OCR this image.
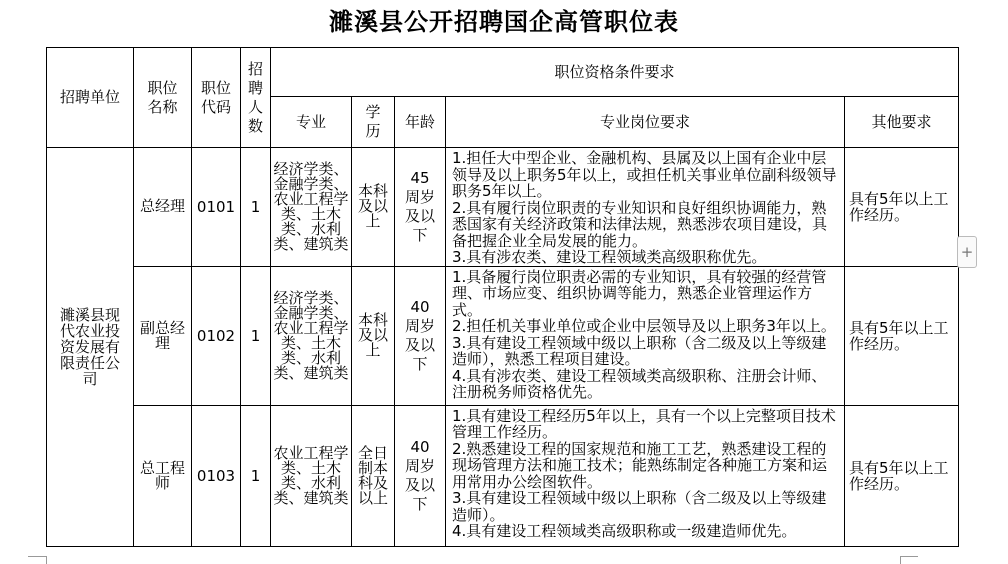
濉溪县公开招聘国企高管职位表
招聘单位	职位名称	职位代码	招聘人数	职位资格条件要求				
				专业	学历	年龄	专业岗位要求	其他要求
濉溪县现代农业投资发展有限责任公司	总经理	0101	1	经济学类、金融学类、农业工程学类、土木类、水利类、建筑类	本科及以上	45周岁及以下	1.担任大中型企业、金融机构、县属及以上国有企业中层领导及以上职务5年以上，或担任机关事业单位副科级领导职务5年以上。

2.具有履行岗位职责的专业知识和良好组织协调能力，熟悉国家有关经济政策和法律法规，熟悉涉农项目建设，具备把握企业全局发展的能力。

3.具有涉农类、建设工程领域类高级职称优先。	具有5年以上工作经历。
	副总经理	0102	1	经济学类、金融学类、农业工程学类、土木类、水利类、建筑类	本科及以上	40周岁及以下	1.具备履行岗位职责必需的专业知识，具有较强的经营管理、市场应变、组织协调等能力，熟悉企业管理运作方式。

2.担任机关事业单位或企业中层领导及以上职务3年以上。

3.具有建设工程领域中级以上职称（含二级及以上等级建造师），熟悉工程项目建设。

4.具有涉农类、建设工程领域类高级职称、注册会计师、注册税务师资格优先。	具有5年以上工作经历。
	总工程师	0103	1	农业工程学类、土木类、水利类、建筑类	全日制本科及以上	40周岁及以下	1.具有建设工程经历5年以上，具有一个以上完整项目技术管理工作经历。

2.熟悉建设工程的国家规范和施工工艺，熟悉建设工程的现场管理方法和施工技术；能熟练制定各种施工方案和运用常用办公绘图软件。

3.具有建设工程领域中级以上职称（含二级及以上等级建造师）。

4.具有建设工程领域类高级职称或一级建造师优先。	具有5年以上工作经历。
+
